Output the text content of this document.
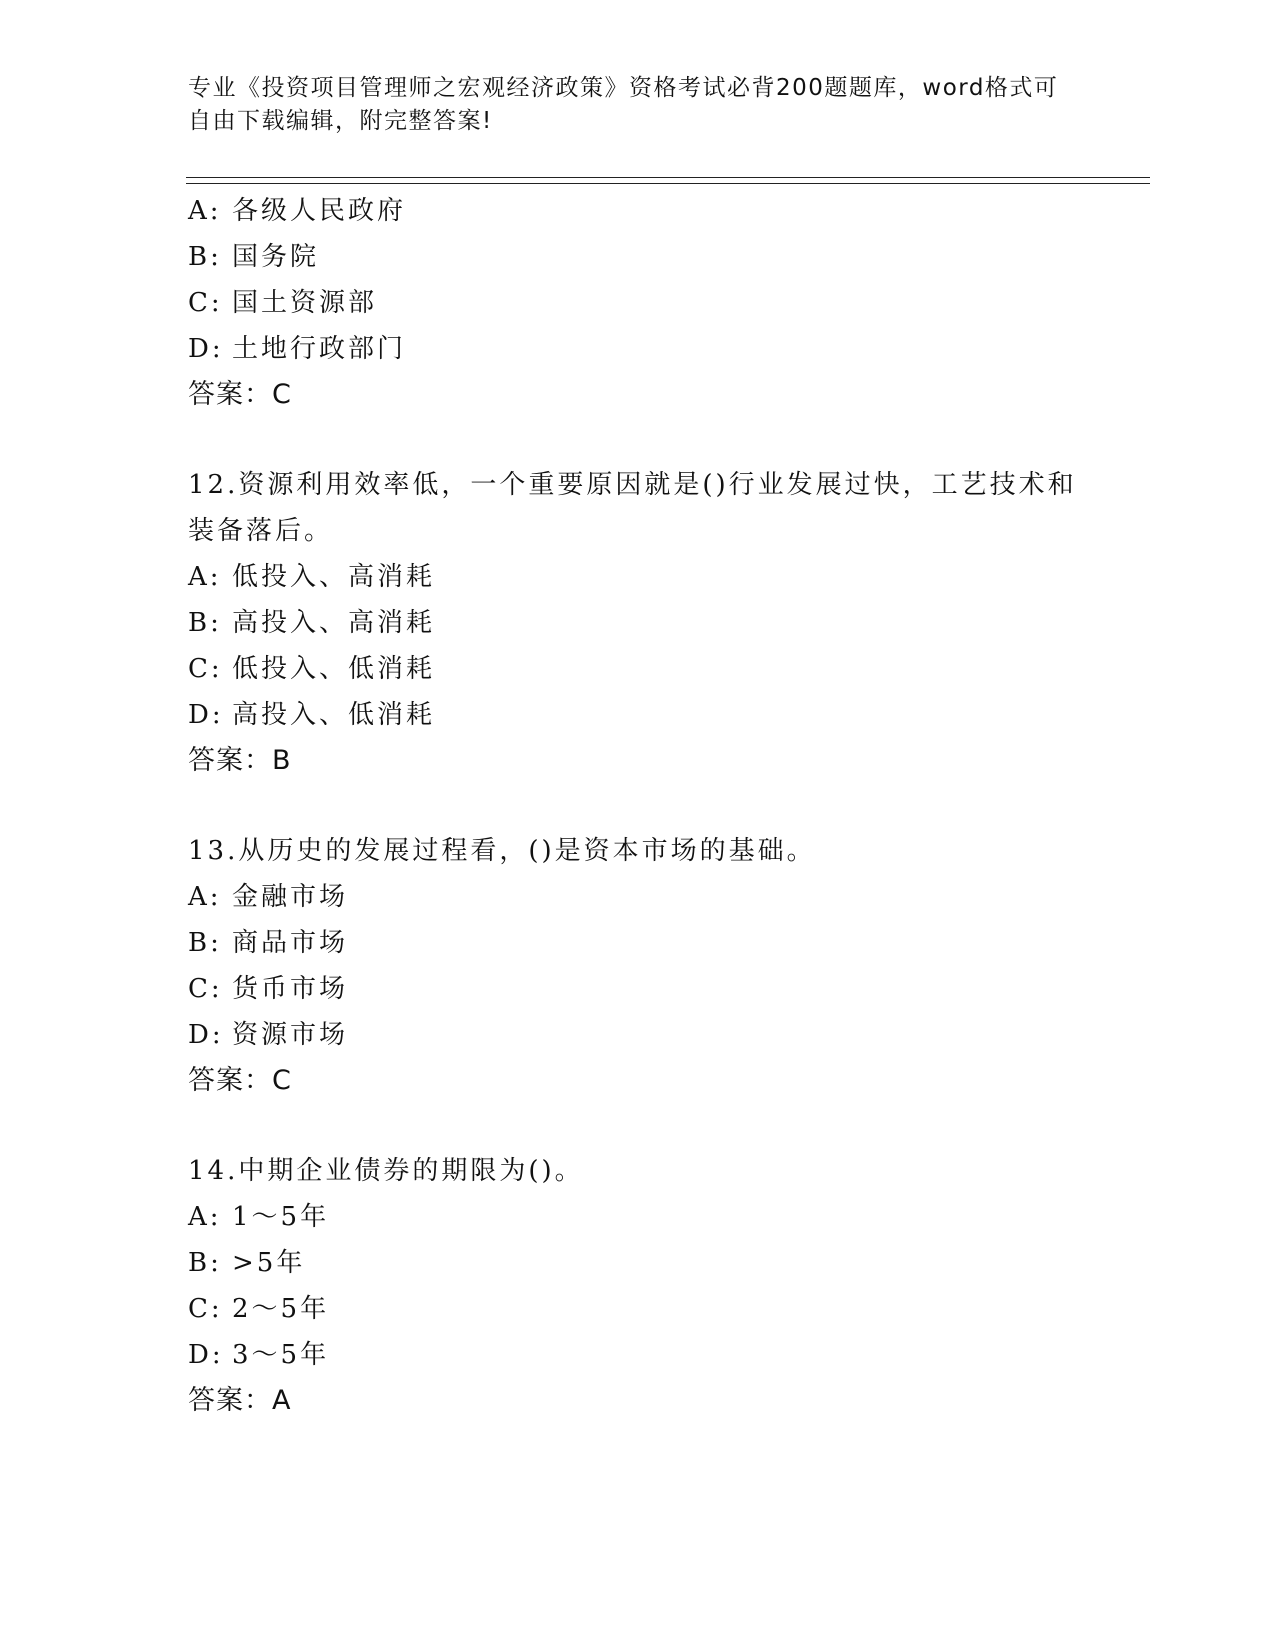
专业《投资项目管理师之宏观经济政策》资格考试必背200题题库，word格式可
自由下载编辑，附完整答案!
A: 各级人民政府
B: 国务院
C: 国土资源部
D: 土地行政部门
答案：C
12.资源利用效率低，一个重要原因就是()行业发展过快，工艺技术和
装备落后。
A: 低投入、高消耗
B: 高投入、高消耗
C: 低投入、低消耗
D: 高投入、低消耗
答案：B
13.从历史的发展过程看，()是资本市场的基础。
A: 金融市场
B: 商品市场
C: 货币市场
D: 资源市场
答案：C
14.中期企业债券的期限为()。
A: 1～5年
B: >5年
C: 2～5年
D: 3～5年
答案：A
